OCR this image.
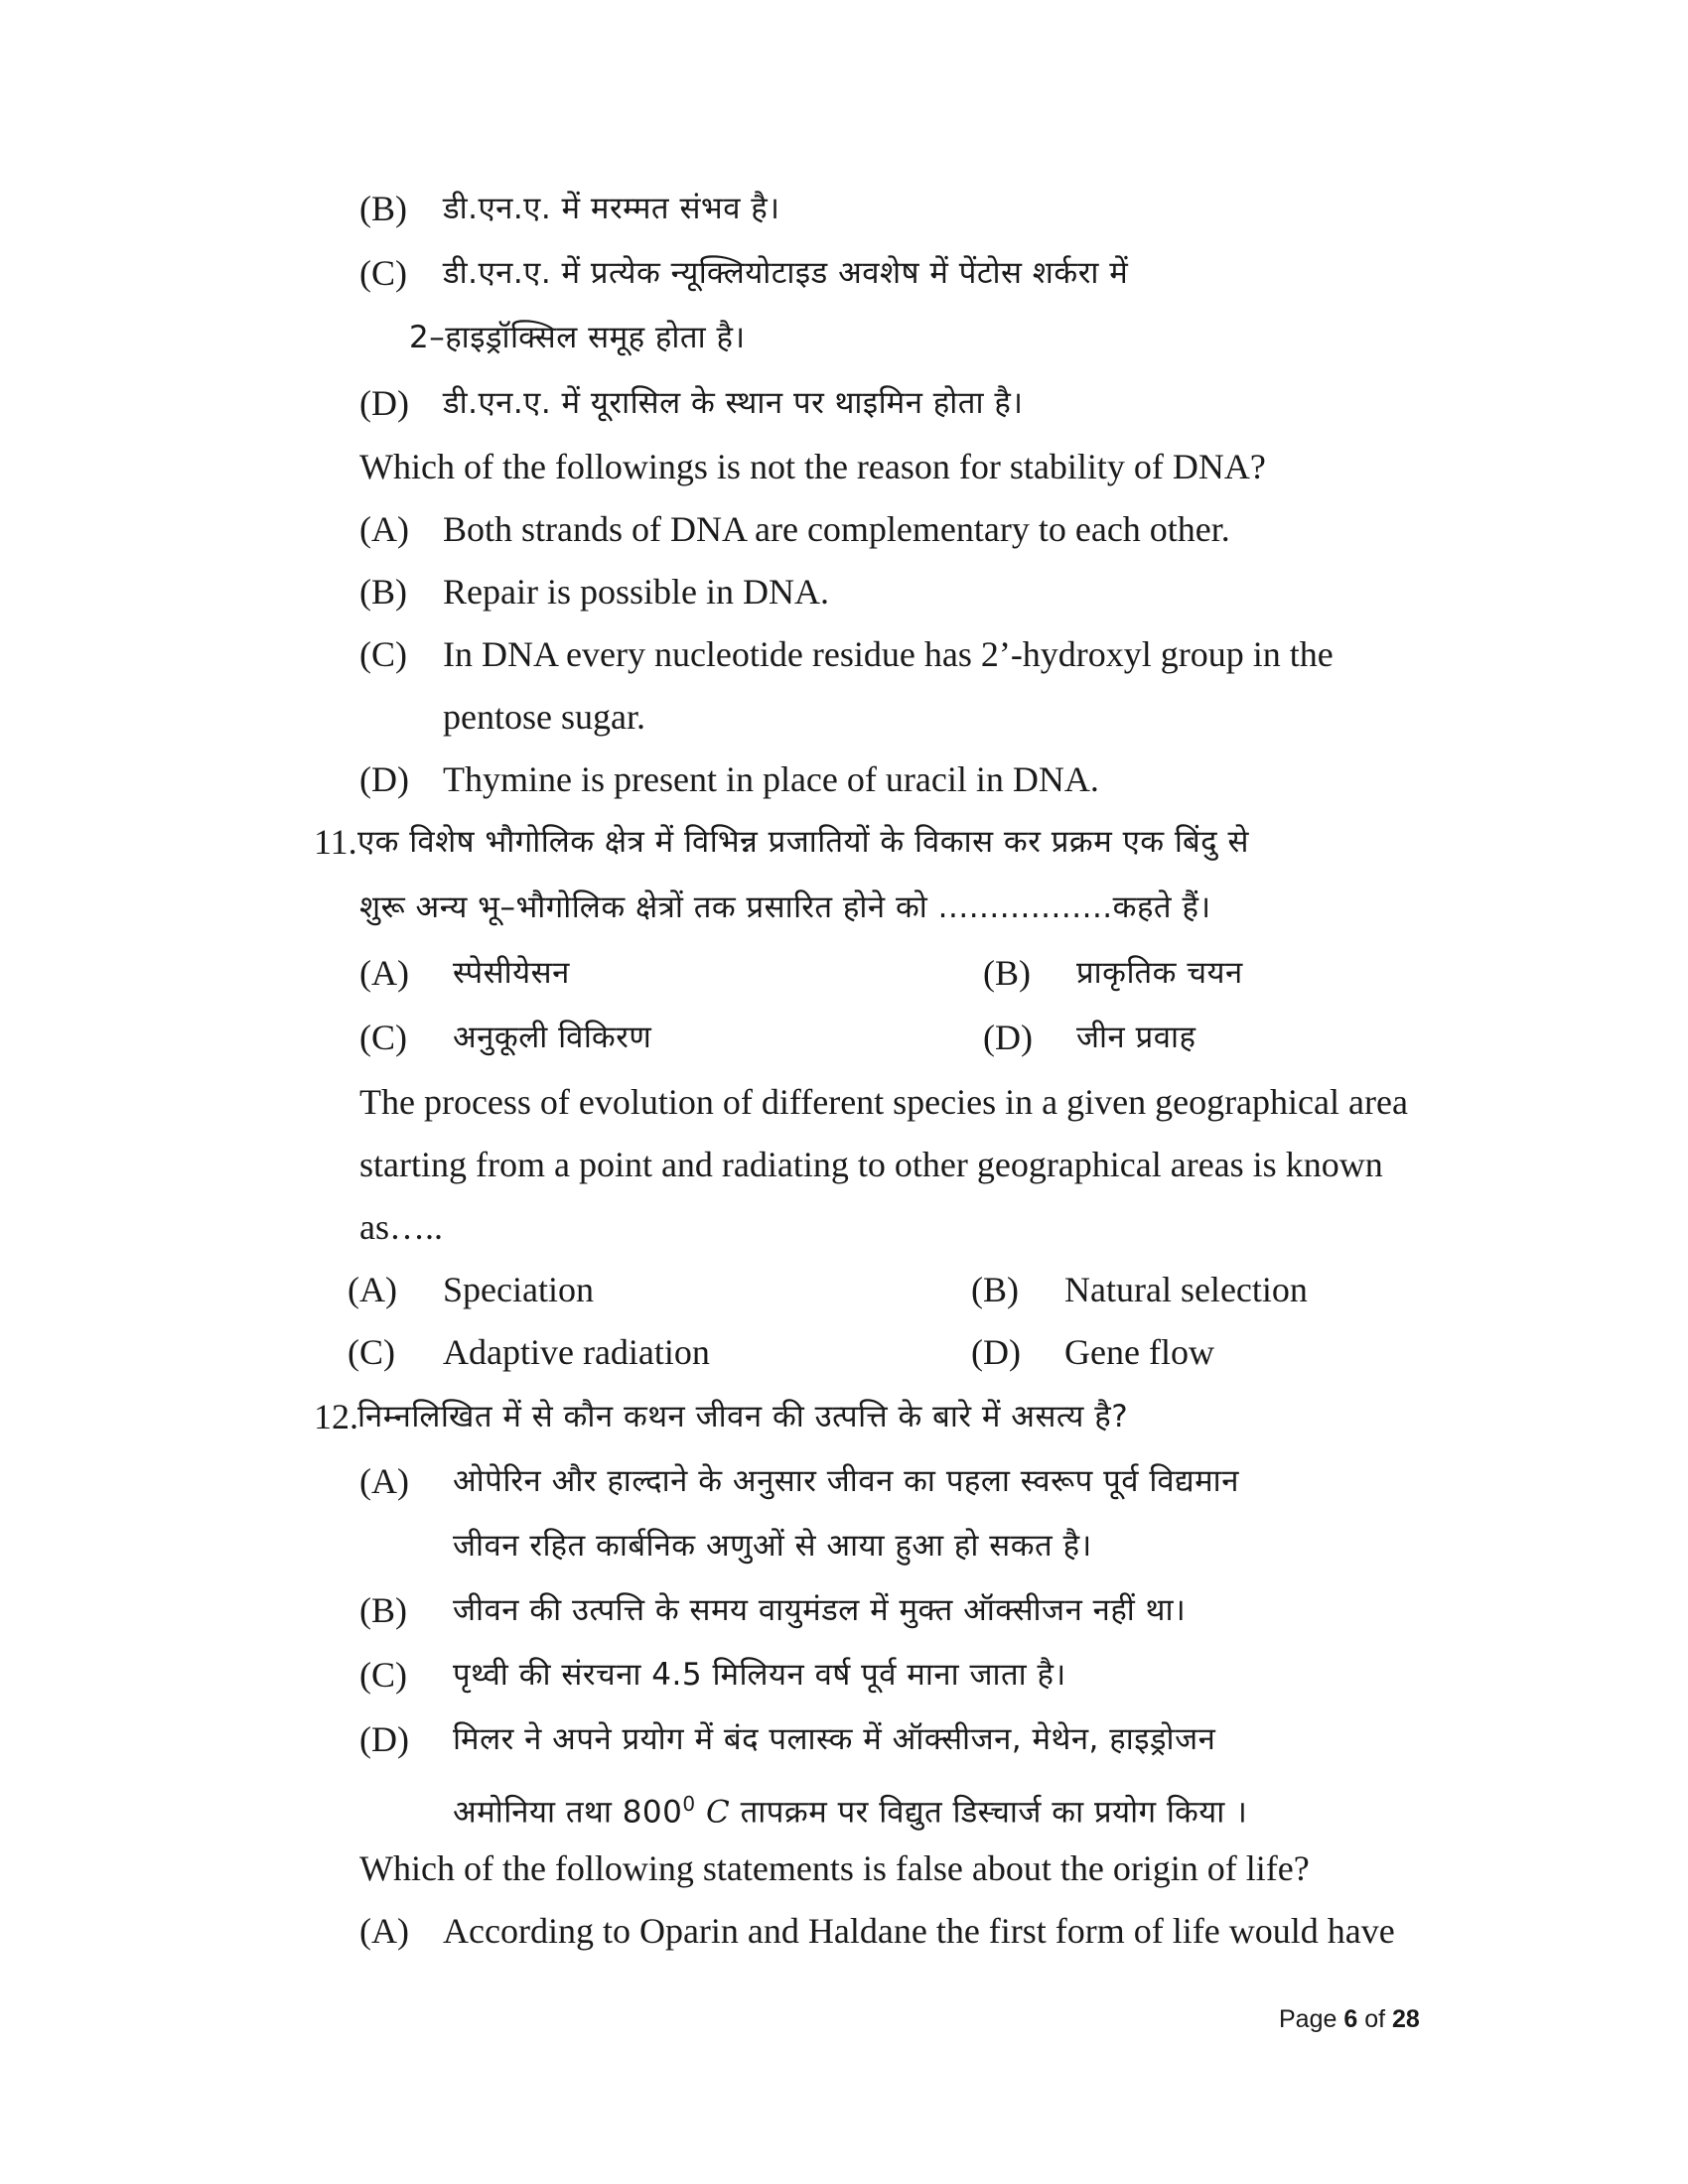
(B) डी.एन.ए. में मरम्मत संभव है।
(C) डी.एन.ए. में प्रत्येक न्यूक्लियोटाइड अवशेष में पेंटोस शर्करा में
2–हाइड्रॉक्सिल समूह होता है।
(D) डी.एन.ए. में यूरासिल के स्थान पर थाइमिन होता है।
Which of the followings is not the reason for stability of DNA?
(A) Both strands of DNA are complementary to each other.
(B) Repair is possible in DNA.
(C) In DNA every nucleotide residue has 2’-hydroxyl group in the
pentose sugar.
(D) Thymine is present in place of uracil in DNA.
11. एक विशेष भौगोलिक क्षेत्र में विभिन्न प्रजातियों के विकास कर प्रक्रम एक बिंदु से
शुरू अन्य भू–भौगोलिक क्षेत्रों तक प्रसारित होने को .................कहते हैं।
(A) स्पेसीयेसन	(B) प्राकृतिक चयन
(C) अनुकूली विकिरण	(D) जीन प्रवाह
The process of evolution of different species in a given geographical area
starting from a point and radiating to other geographical areas is known
as…..
(A) Speciation	(B) Natural selection
(C) Adaptive radiation	(D) Gene flow
12. निम्नलिखित में से कौन कथन जीवन की उत्पत्ति के बारे में असत्य है?
(A) ओपेरिन और हाल्दाने के अनुसार जीवन का पहला स्वरूप पूर्व विद्यमान
जीवन रहित कार्बनिक अणुओं से आया हुआ हो सकत है।
(B) जीवन की उत्पत्ति के समय वायुमंडल में मुक्त ऑक्सीजन नहीं था।
(C) पृथ्वी की संरचना 4.5 मिलियन वर्ष पूर्व माना जाता है।
(D) मिलर ने अपने प्रयोग में बंद पलास्क में ऑक्सीजन, मेथेन, हाइड्रोजन
अमोनिया तथा $800^0$ C तापक्रम पर विद्युत डिस्चार्ज का प्रयोग किया ।
Which of the following statements is false about the origin of life?
(A) According to Oparin and Haldane the first form of life would have
Page 6 of 28
